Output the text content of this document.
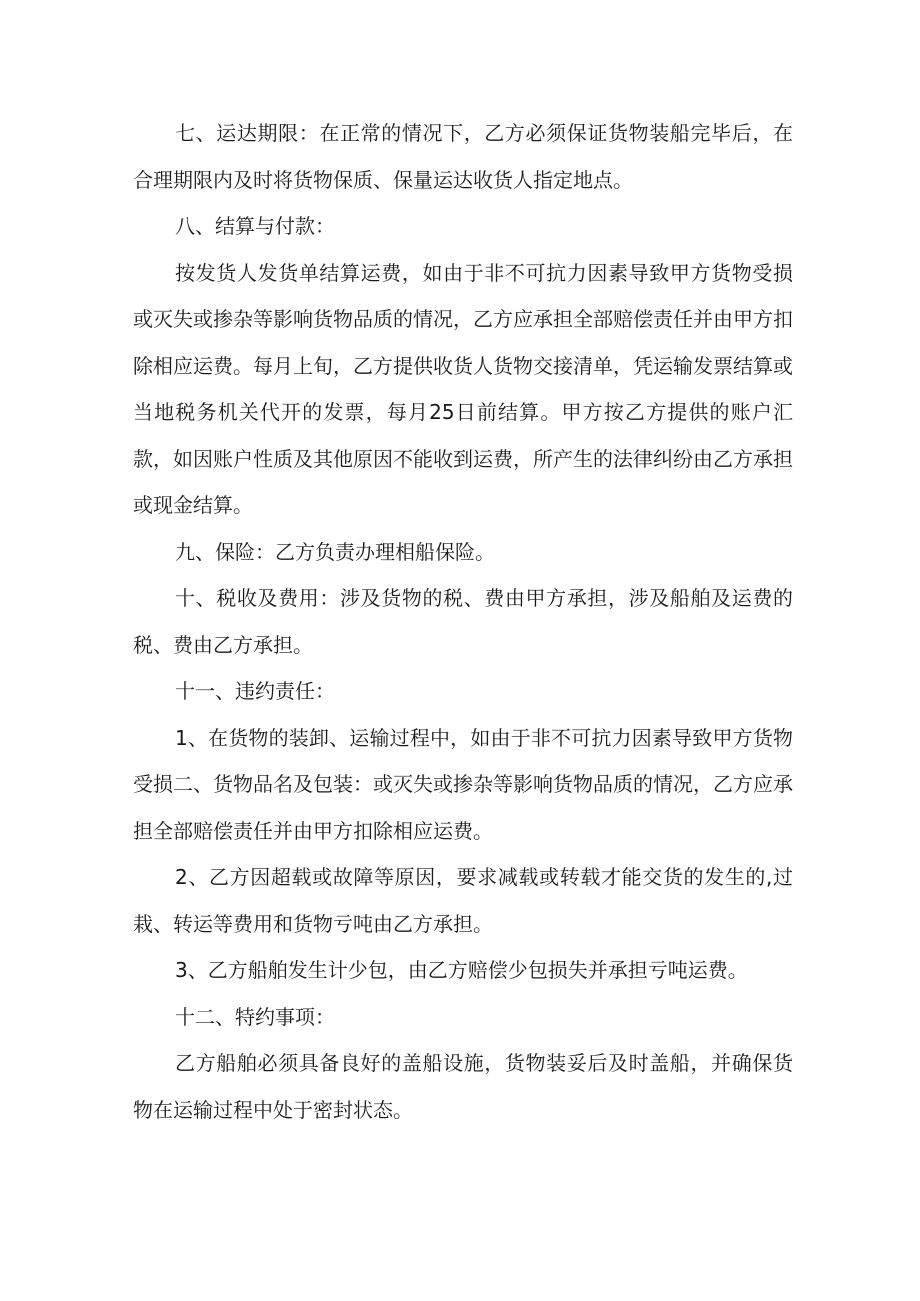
七、运达期限：在正常的情况下，乙方必须保证货物装船完毕后，在合理期限内及时将货物保质、保量运达收货人指定地点。

八、结算与付款：

按发货人发货单结算运费，如由于非不可抗力因素导致甲方货物受损或灭失或掺杂等影响货物品质的情况，乙方应承担全部赔偿责任并由甲方扣除相应运费。每月上旬，乙方提供收货人货物交接清单，凭运输发票结算或当地税务机关代开的发票，每月25日前结算。甲方按乙方提供的账户汇款，如因账户性质及其他原因不能收到运费，所产生的法律纠纷由乙方承担或现金结算。

九、保险：乙方负责办理相船保险。

十、税收及费用：涉及货物的税、费由甲方承担，涉及船舶及运费的税、费由乙方承担。

十一、违约责任：

1、在货物的装卸、运输过程中，如由于非不可抗力因素导致甲方货物受损二、货物品名及包装：或灭失或掺杂等影响货物品质的情况，乙方应承担全部赔偿责任并由甲方扣除相应运费。

2、乙方因超载或故障等原因，要求减载或转载才能交货的发生的,过栽、转运等费用和货物亏吨由乙方承担。

3、乙方船舶发生计少包，由乙方赔偿少包损失并承担亏吨运费。

十二、特约事项：

乙方船舶必须具备良好的盖船设施，货物装妥后及时盖船，并确保货物在运输过程中处于密封状态。
